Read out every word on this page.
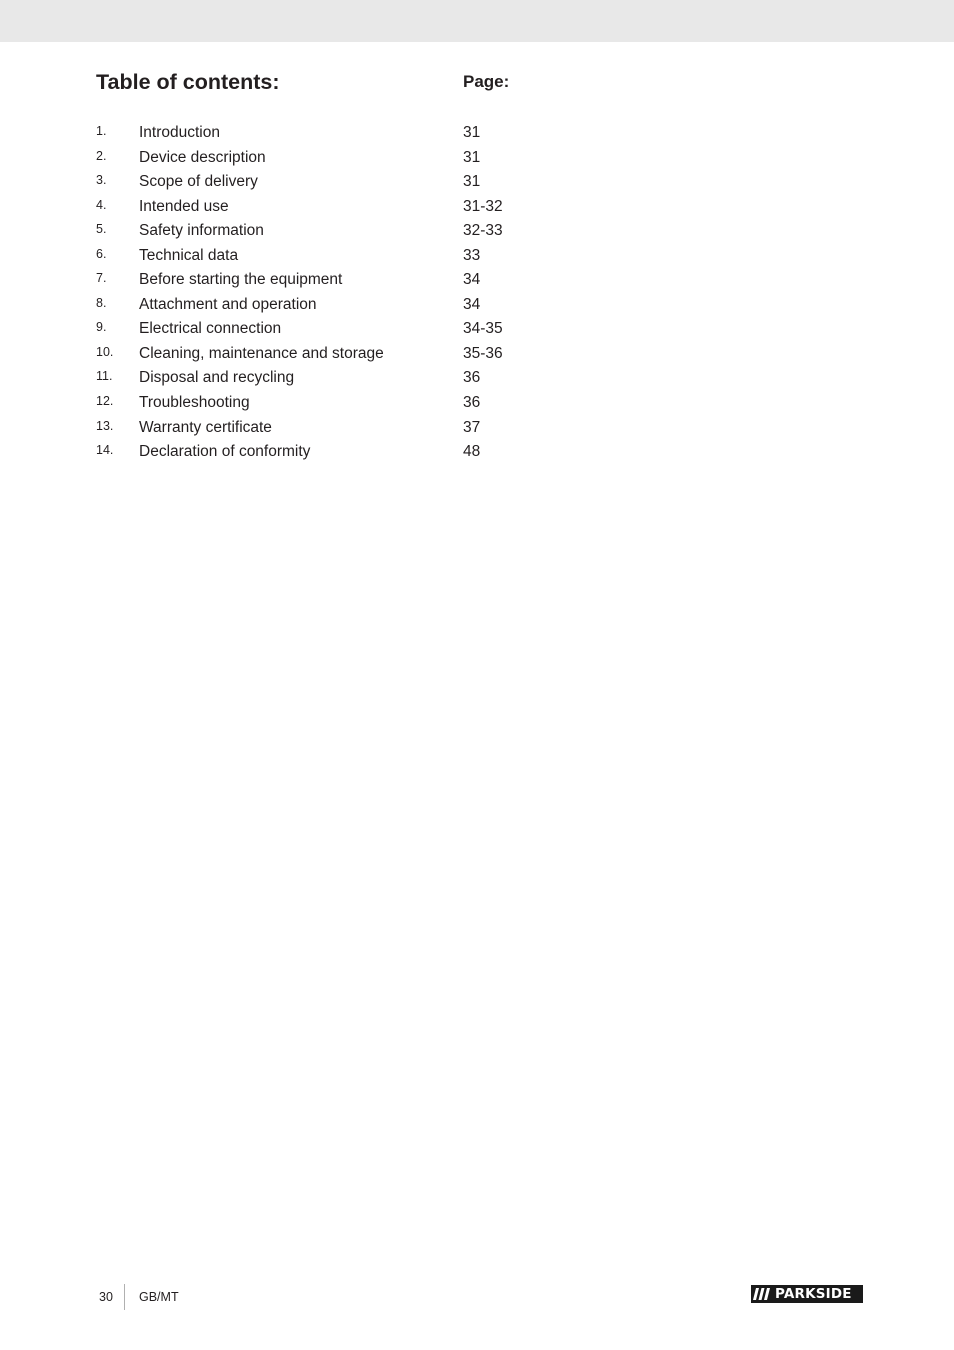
Table of contents:	Page:
1. Introduction	31
2. Device description	31
3. Scope of delivery	31
4. Intended use	31-32
5. Safety information	32-33
6. Technical data	33
7. Before starting the equipment	34
8. Attachment and operation	34
9. Electrical connection	34-35
10. Cleaning, maintenance and storage	35-36
11. Disposal and recycling	36
12. Troubleshooting	36
13. Warranty certificate	37
14. Declaration of conformity	48
30 GB/MT	PARKSIDE
